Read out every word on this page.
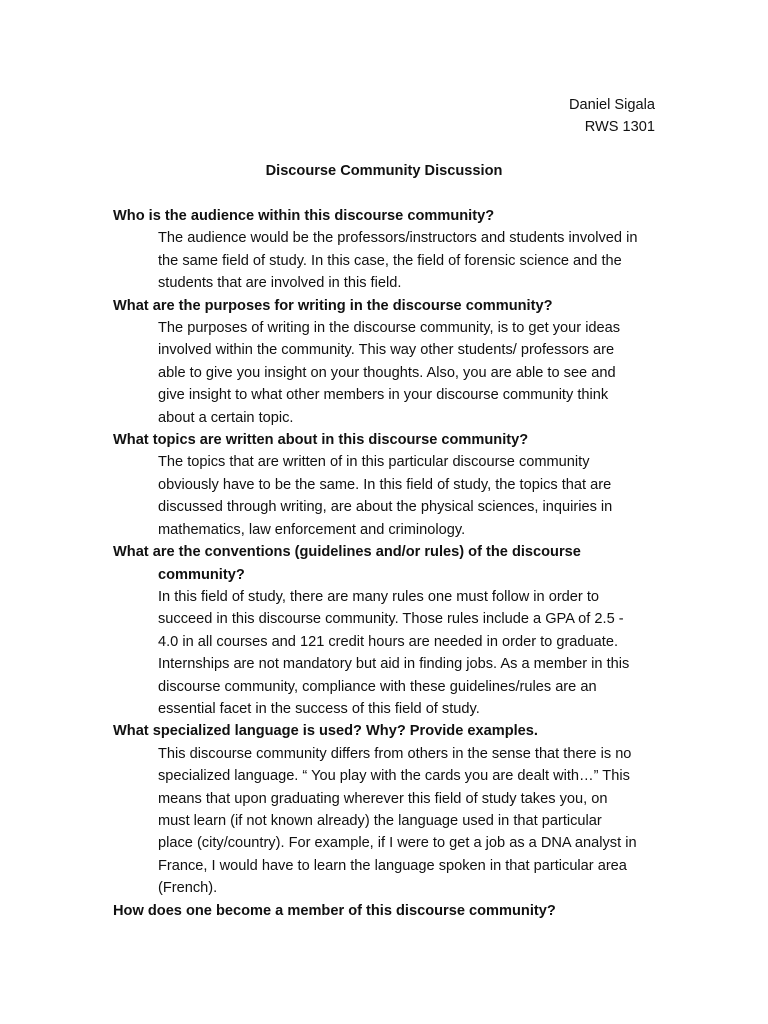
Daniel Sigala
RWS 1301
Discourse Community Discussion

Who is the audience within this discourse community?

The audience would be the professors/instructors and students involved in
the same field of study. In this case, the field of forensic science and the
students that are involved in this field.

What are the purposes for writing in the discourse community?

The purposes of writing in the discourse community, is to get your ideas
involved within the community. This way other students/ professors are
able to give you insight on your thoughts. Also, you are able to see and
give insight to what other members in your discourse community think
about a certain topic.

What topics are written about in this discourse community?

The topics that are written of in this particular discourse community
obviously have to be the same. In this field of study, the topics that are
discussed through writing, are about the physical sciences, inquiries in
mathematics, law enforcement and criminology.

What are the conventions (guidelines and/or rules) of the discourse community?

In this field of study, there are many rules one must follow in order to
succeed in this discourse community. Those rules include a GPA of 2.5 -
4.0 in all courses and 121 credit hours are needed in order to graduate.
Internships are not mandatory but aid in finding jobs. As a member in this
discourse community, compliance with these guidelines/rules are an
essential facet in the success of this field of study.

What specialized language is used? Why? Provide examples.

This discourse community differs from others in the sense that there is no
specialized language. “ You play with the cards you are dealt with…” This
means that upon graduating wherever this field of study takes you, on
must learn (if not known already) the language used in that particular
place (city/country). For example, if I were to get a job as a DNA analyst in
France, I would have to learn the language spoken in that particular area
(French).

How does one become a member of this discourse community?
